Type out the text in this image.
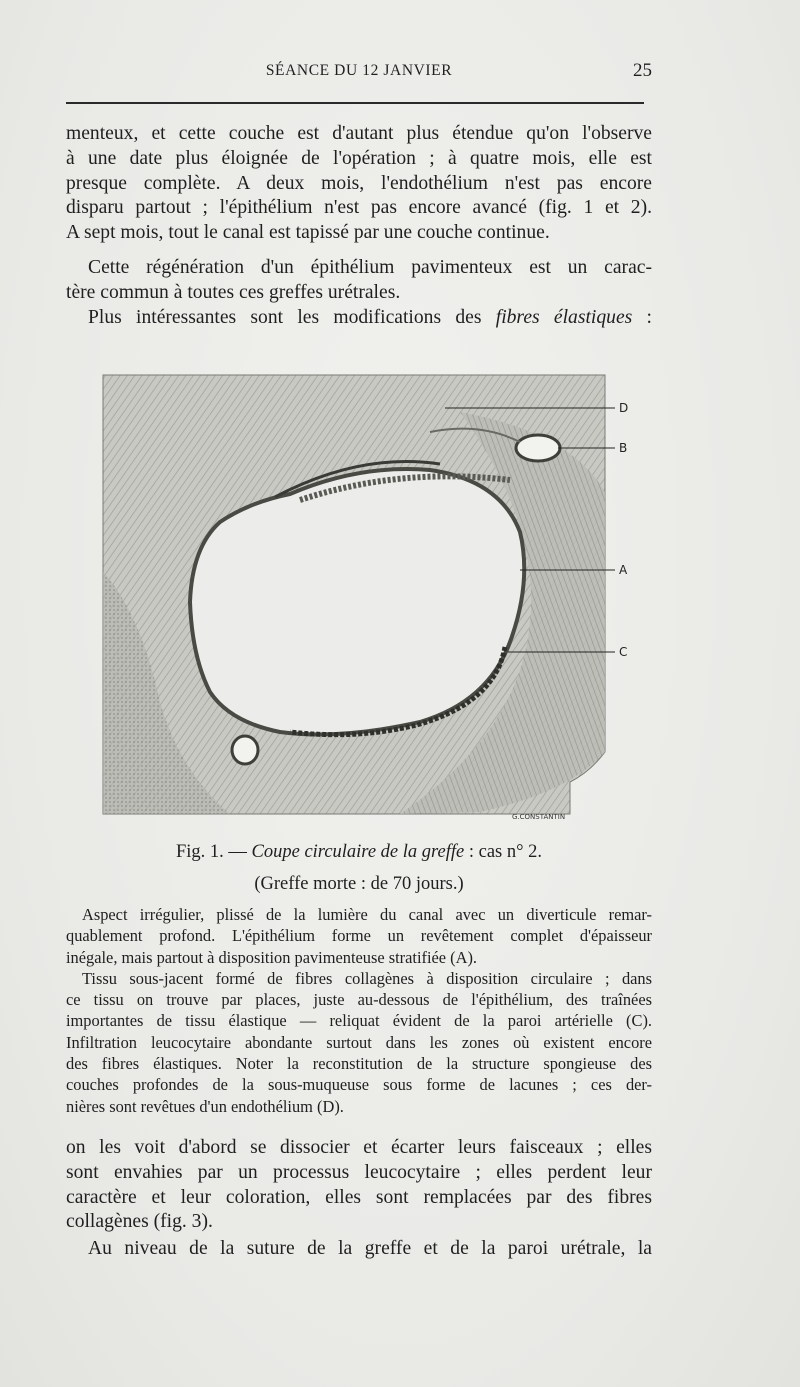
SÉANCE DU 12 JANVIER	25
menteux, et cette couche est d'autant plus étendue qu'on l'observe
à une date plus éloignée de l'opération ; à quatre mois, elle est
presque complète. A deux mois, l'endothélium n'est pas encore
disparu partout ; l'épithélium n'est pas encore avancé (fig. 1 et 2).
A sept mois, tout le canal est tapissé par une couche continue.
Cette régénération d'un épithélium pavimenteux est un carac-
tère commun à toutes ces greffes urétrales.
Plus intéressantes sont les modifications des fibres élastiques :
D
B
A
C
G.CONSTANTIN
Fig. 1. — Coupe circulaire de la greffe : cas n° 2.
(Greffe morte : de 70 jours.)
Aspect irrégulier, plissé de la lumière du canal avec un diverticule remar-
quablement profond. L'épithélium forme un revêtement complet d'épaisseur
inégale, mais partout à disposition pavimenteuse stratifiée (A).
Tissu sous-jacent formé de fibres collagènes à disposition circulaire ; dans
ce tissu on trouve par places, juste au-dessous de l'épithélium, des traînées
importantes de tissu élastique — reliquat évident de la paroi artérielle (C).
Infiltration leucocytaire abondante surtout dans les zones où existent encore
des fibres élastiques. Noter la reconstitution de la structure spongieuse des
couches profondes de la sous-muqueuse sous forme de lacunes ; ces der-
nières sont revêtues d'un endothélium (D).
on les voit d'abord se dissocier et écarter leurs faisceaux ; elles
sont envahies par un processus leucocytaire ; elles perdent leur
caractère et leur coloration, elles sont remplacées par des fibres
collagènes (fig. 3).
Au niveau de la suture de la greffe et de la paroi urétrale, la
